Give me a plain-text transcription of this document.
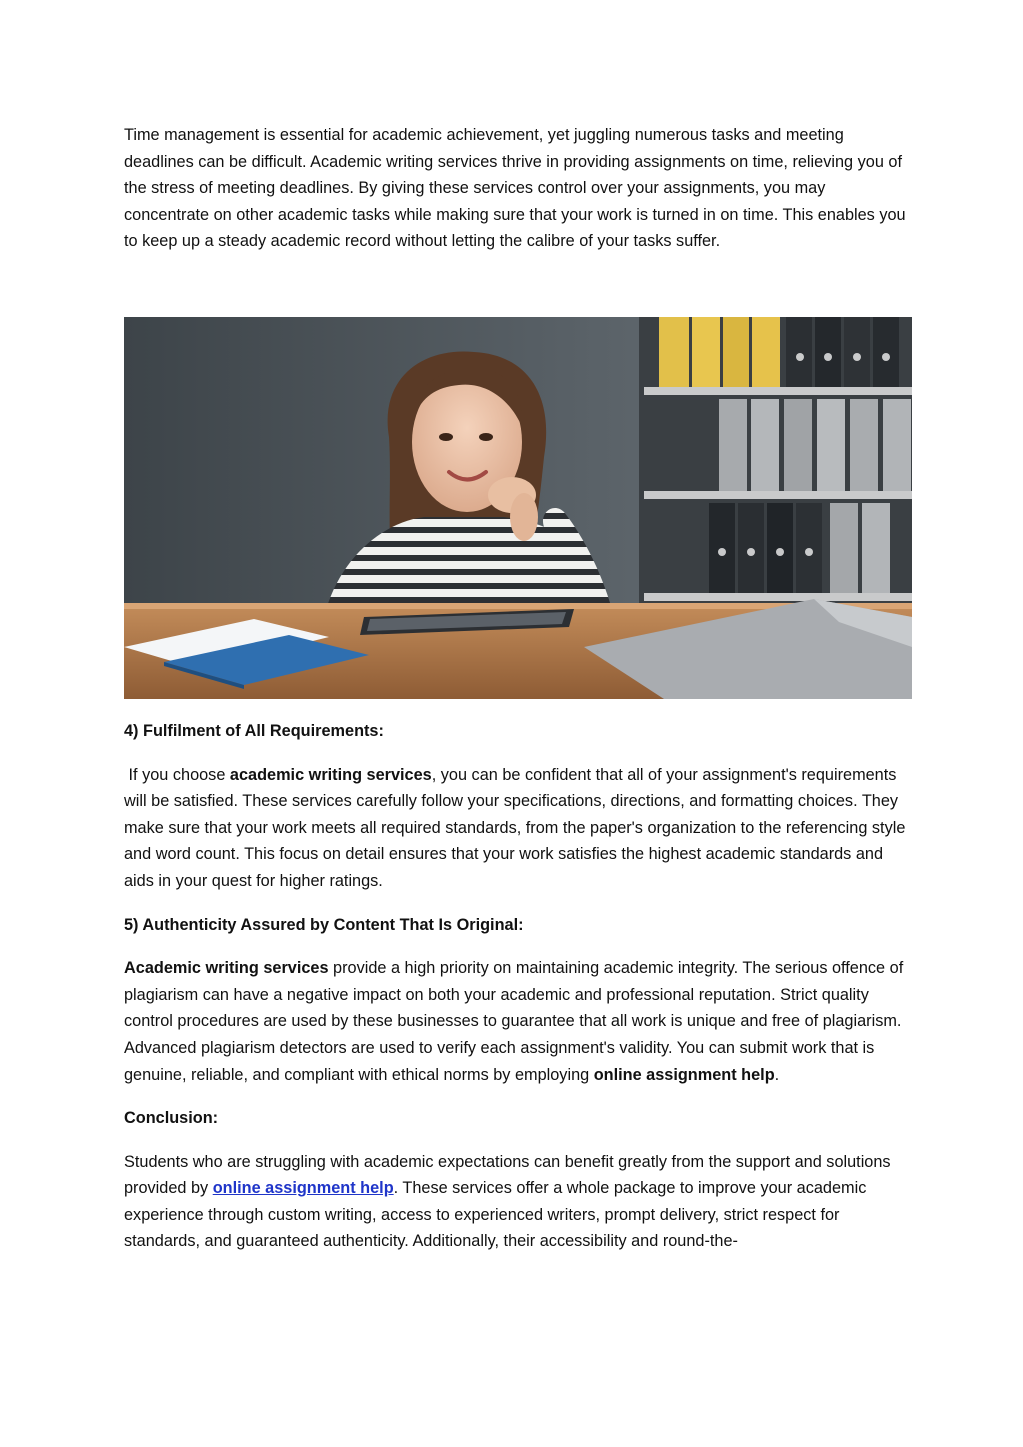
Time management is essential for academic achievement, yet juggling numerous tasks and meeting deadlines can be difficult. Academic writing services thrive in providing assignments on time, relieving you of the stress of meeting deadlines. By giving these services control over your assignments, you may concentrate on other academic tasks while making sure that your work is turned in on time. This enables you to keep up a steady academic record without letting the calibre of your tasks suffer.

4) Fulfilment of All Requirements:

If you choose academic writing services, you can be confident that all of your assignment's requirements will be satisfied. These services carefully follow your specifications, directions, and formatting choices. They make sure that your work meets all required standards, from the paper's organization to the referencing style and word count. This focus on detail ensures that your work satisfies the highest academic standards and aids in your quest for higher ratings.

5) Authenticity Assured by Content That Is Original:

Academic writing services provide a high priority on maintaining academic integrity. The serious offence of plagiarism can have a negative impact on both your academic and professional reputation. Strict quality control procedures are used by these businesses to guarantee that all work is unique and free of plagiarism. Advanced plagiarism detectors are used to verify each assignment's validity. You can submit work that is genuine, reliable, and compliant with ethical norms by employing online assignment help.

Conclusion:

Students who are struggling with academic expectations can benefit greatly from the support and solutions provided by online assignment help. These services offer a whole package to improve your academic experience through custom writing, access to experienced writers, prompt delivery, strict respect for standards, and guaranteed authenticity. Additionally, their accessibility and round-the-
